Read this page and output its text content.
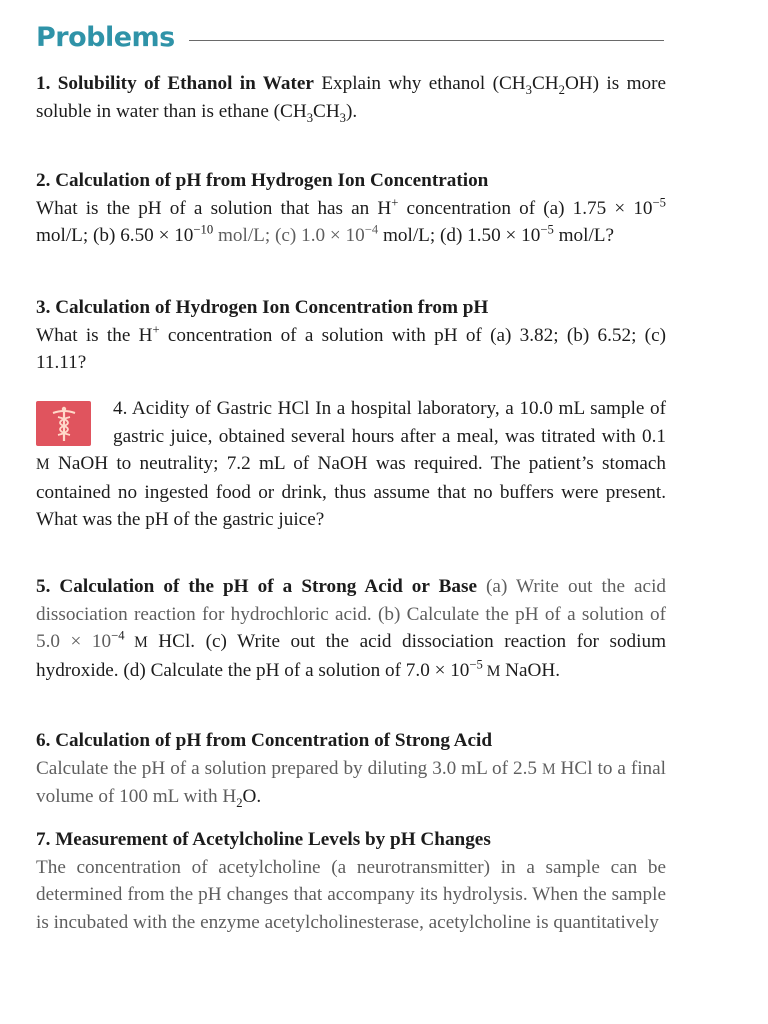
Problems
1. Solubility of Ethanol in Water Explain why ethanol $(CH_3CH_2OH)$ is more soluble in water than is ethane $(CH_3CH_3)$.
2. Calculation of pH from Hydrogen Ion Concentration
What is the pH of a solution that has an H+ concentration of (a) $1.75 \times 10^{-5}$ mol/L; (b) $6.50 \times 10^{-10}$ mol/L; (c) $1.0 \times 10^{-4}$ mol/L; (d) $1.50 \times 10^{-5}$ mol/L?
3. Calculation of Hydrogen Ion Concentration from pH
What is the H+ concentration of a solution with pH of (a) 3.82; (b) 6.52; (c) 11.11?
4. Acidity of Gastric HCl In a hospital laboratory, a 10.0 mL sample of gastric juice, obtained several hours after a meal, was titrated with 0.1 M NaOH to neutrality; 7.2 mL of NaOH was required. The patient’s stomach contained no ingested food or drink, thus assume that no buffers were present. What was the pH of the gastric juice?
5. Calculation of the pH of a Strong Acid or Base (a) Write out the acid dissociation reaction for hydrochloric acid. (b) Calculate the pH of a solution of $5.0 \times 10^{-4}$ M HCl. (c) Write out the acid dissociation reaction for sodium hydroxide. (d) Calculate the pH of a solution of $7.0 \times 10^{-5}$ M NaOH.
6. Calculation of pH from Concentration of Strong Acid
Calculate the pH of a solution prepared by diluting 3.0 mL of 2.5 M HCl to a final volume of 100 mL with $H_2O$.
7. Measurement of Acetylcholine Levels by pH Changes
The concentration of acetylcholine (a neurotransmitter) in a sample can be determined from the pH changes that accompany its hydrolysis. When the sample is incubated with the enzyme acetylcholinesterase, acetylcholine is quantitatively
